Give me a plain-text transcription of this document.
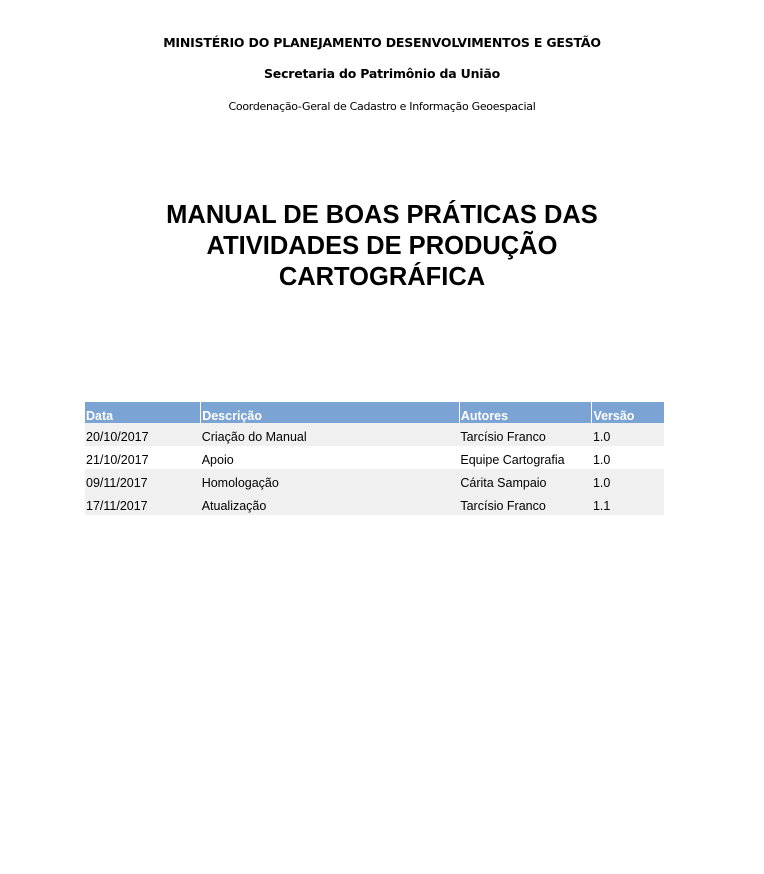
MINISTÉRIO DO PLANEJAMENTO DESENVOLVIMENTOS E GESTÃO
Secretaria do Patrimônio da União
Coordenação-Geral de Cadastro e Informação Geoespacial
MANUAL DE BOAS PRÁTICAS DAS
ATIVIDADES DE PRODUÇÃO
CARTOGRÁFICA
Data	Descrição	Autores	Versão
20/10/2017	Criação do Manual	Tarcísio Franco	1.0
21/10/2017	Apoio	Equipe Cartografia	1.0
09/11/2017	Homologação	Cárita Sampaio	1.0
17/11/2017	Atualização	Tarcísio Franco	1.1
